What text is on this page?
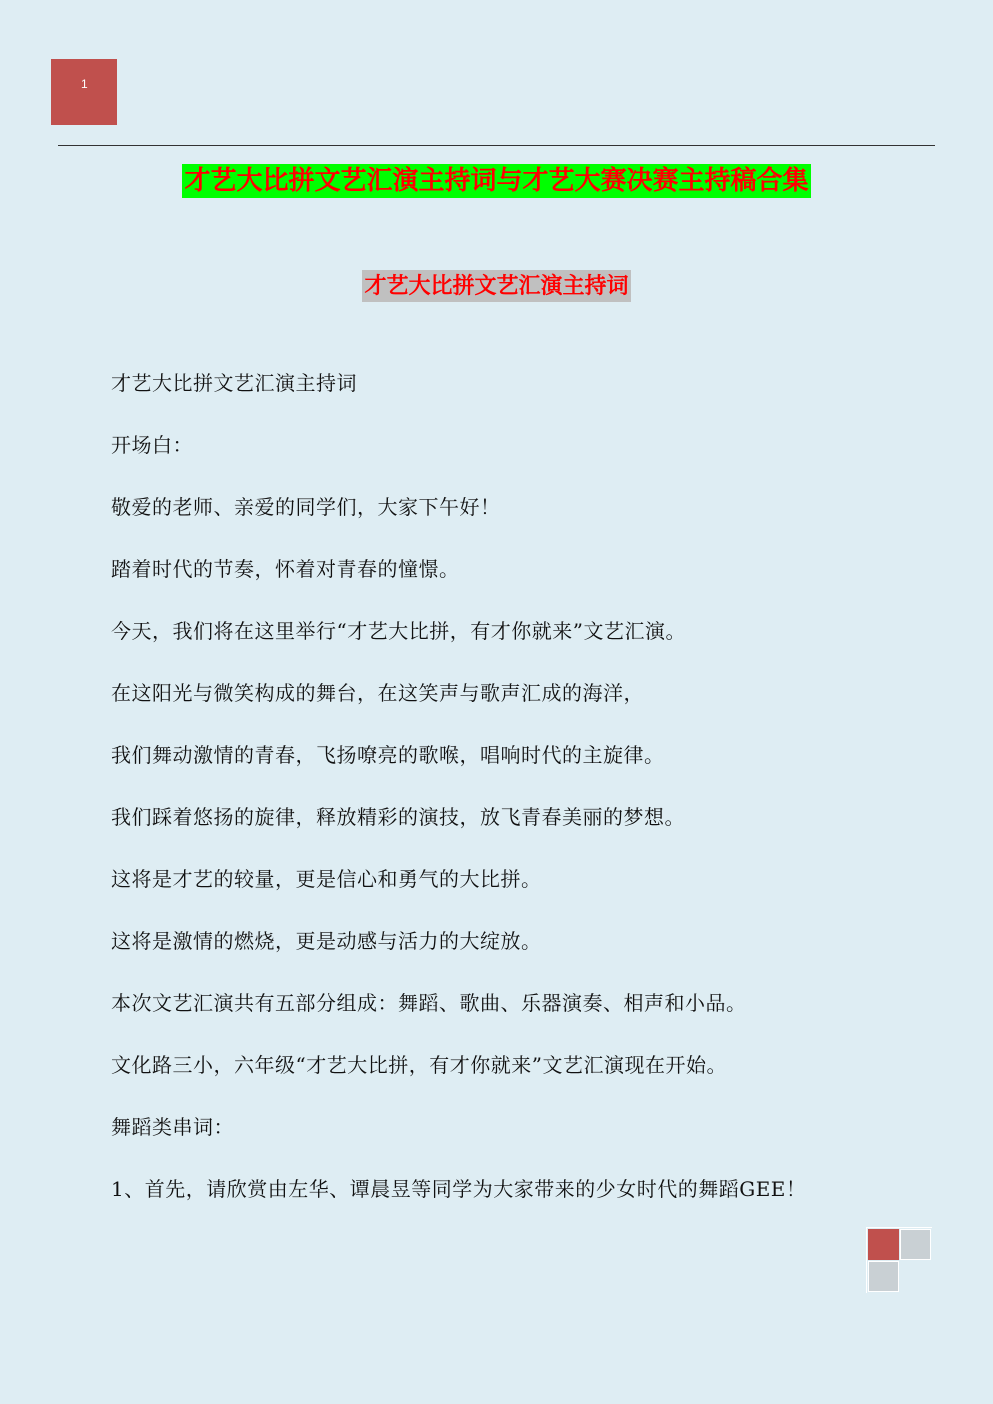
1
才艺大比拼文艺汇演主持词与才艺大赛决赛主持稿合集
才艺大比拼文艺汇演主持词
才艺大比拼文艺汇演主持词
开场白：
敬爱的老师、亲爱的同学们，大家下午好！
踏着时代的节奏，怀着对青春的憧憬。
今天，我们将在这里举行“才艺大比拼，有才你就来”文艺汇演。
在这阳光与微笑构成的舞台，在这笑声与歌声汇成的海洋，
我们舞动激情的青春，飞扬嘹亮的歌喉，唱响时代的主旋律。
我们踩着悠扬的旋律，释放精彩的演技，放飞青春美丽的梦想。
这将是才艺的较量，更是信心和勇气的大比拼。
这将是激情的燃烧，更是动感与活力的大绽放。
本次文艺汇演共有五部分组成：舞蹈、歌曲、乐器演奏、相声和小品。
文化路三小，六年级“才艺大比拼，有才你就来”文艺汇演现在开始。
舞蹈类串词：
1、首先，请欣赏由左华、谭晨昱等同学为大家带来的少女时代的舞蹈GEE！
